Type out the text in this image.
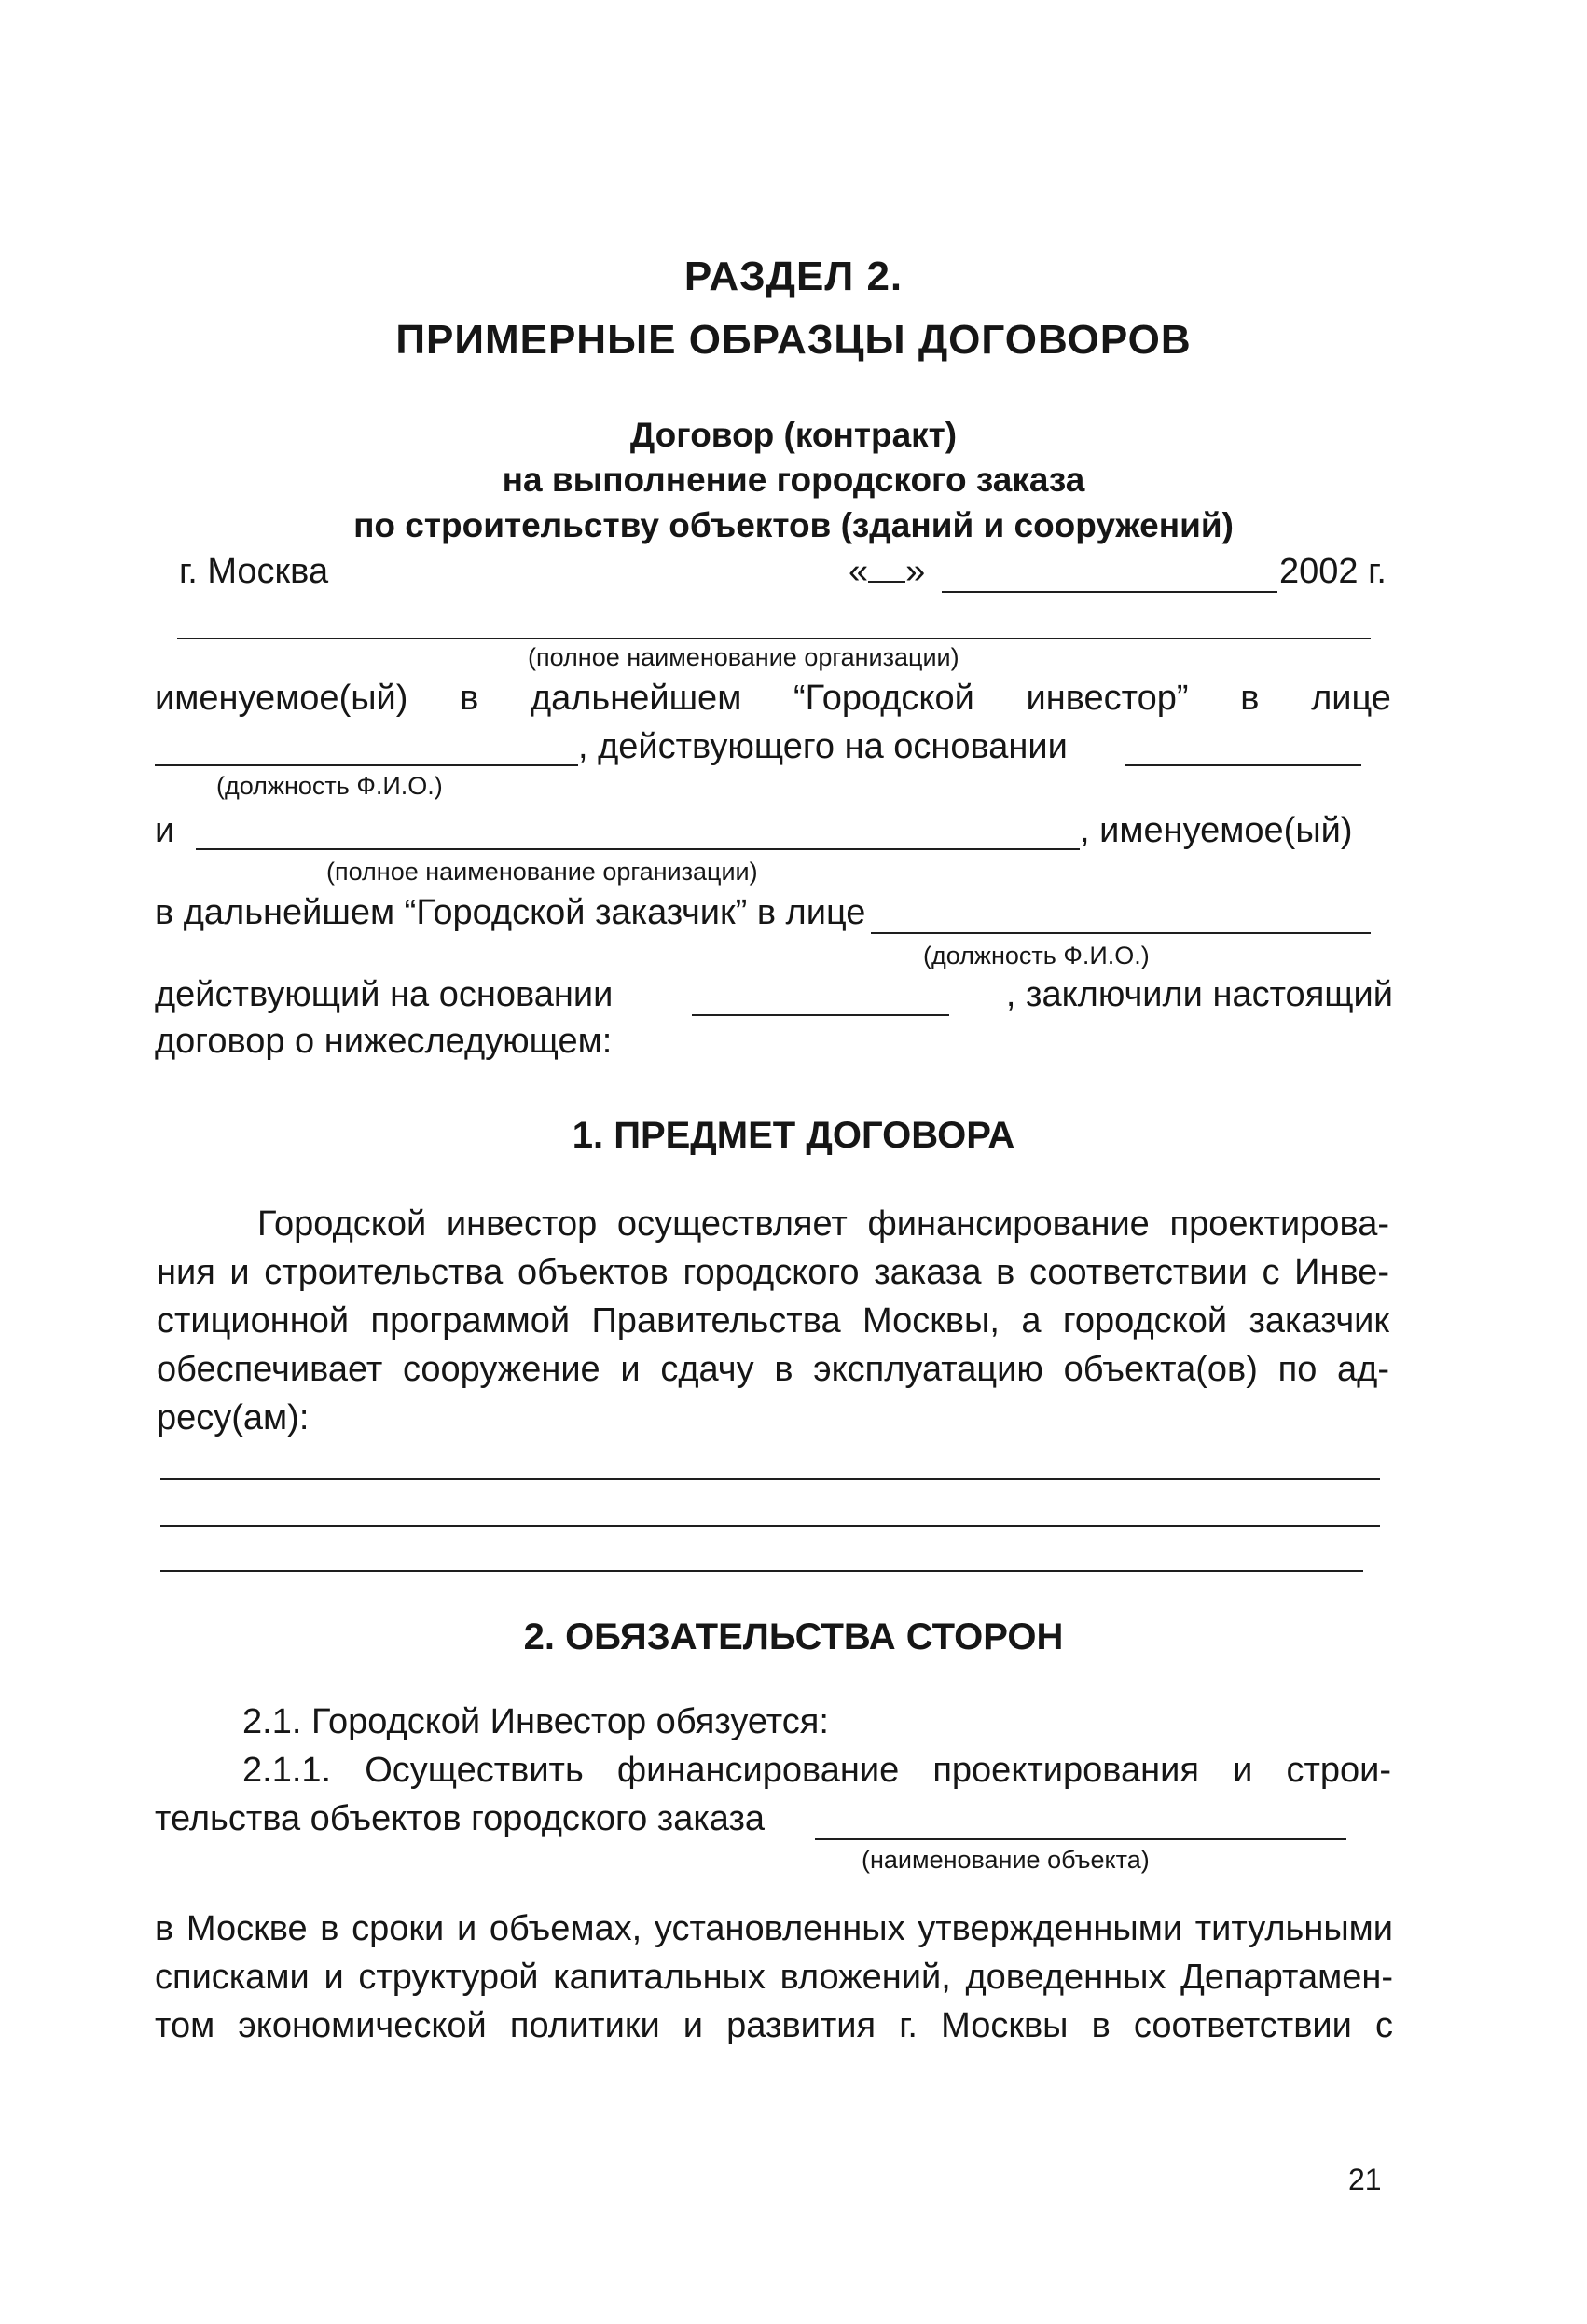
РАЗДЕЛ 2.
ПРИМЕРНЫЕ ОБРАЗЦЫ ДОГОВОРОВ
Договор (контракт)
на выполнение городского заказа
по строительству объектов (зданий и сооружений)
г. Москва	« »	2002 г.
(полное наименование организации)
именуемое(ый) в дальнейшем “Городской инвестор” в лице
, действующего на основании
(должность Ф.И.О.)
и	, именуемое(ый)
(полное наименование организации)
в дальнейшем “Городской заказчик” в лице
(должность Ф.И.О.)
действующий на основании	, заключили настоящий
договор о нижеследующем:
1. ПРЕДМЕТ ДОГОВОРА
Городской инвестор осуществляет финансирование проектирова-
ния и строительства объектов городского заказа в соответствии с Инве-
стиционной программой Правительства Москвы, а городской заказчик
обеспечивает сооружение и сдачу в эксплуатацию объекта(ов) по ад-
ресу(ам):
2. ОБЯЗАТЕЛЬСТВА СТОРОН
2.1. Городской Инвестор обязуется:
2.1.1. Осуществить финансирование проектирования и строи-
тельства объектов городского заказа
(наименование объекта)
в Москве в сроки и объемах, установленных утвержденными титульными
списками и структурой капитальных вложений, доведенных Департамен-
том экономической политики и развития г. Москвы в соответствии с
21
